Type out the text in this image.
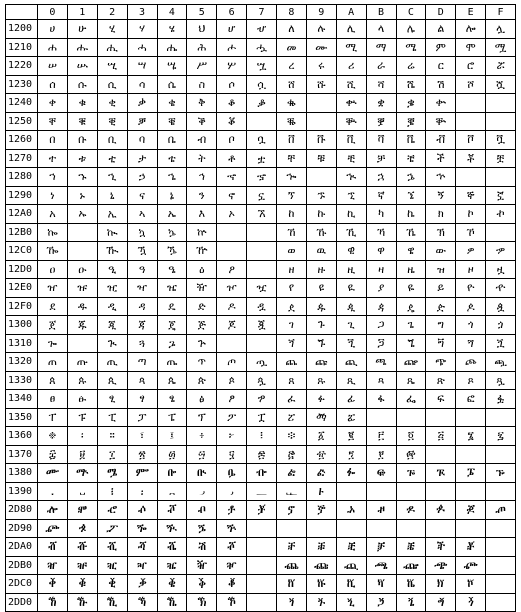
	0	1	2	3	4	5	6	7	8	9	A	B	C	D	E	F
1200	ሀ	ሁ	ሂ	ሃ	ሄ	ህ	ሆ	ሇ	ለ	ሉ	ሊ	ላ	ሌ	ል	ሎ	ሏ
1210	ሐ	ሑ	ሒ	ሓ	ሔ	ሕ	ሖ	ሗ	መ	ሙ	ሚ	ማ	ሜ	ም	ሞ	ሟ
1220	ሠ	ሡ	ሢ	ሣ	ሤ	ሥ	ሦ	ሧ	ረ	ሩ	ሪ	ራ	ሬ	ር	ሮ	ሯ
1230	ሰ	ሱ	ሲ	ሳ	ሴ	ስ	ሶ	ሷ	ሸ	ሹ	ሺ	ሻ	ሼ	ሽ	ሾ	ሿ
1240	ቀ	ቁ	ቂ	ቃ	ቄ	ቅ	ቆ	ቇ	ቈ		ቊ	ቋ	ቌ	ቍ		
1250	ቐ	ቑ	ቒ	ቓ	ቔ	ቕ	ቖ		ቘ		ቚ	ቛ	ቜ	ቝ		
1260	በ	ቡ	ቢ	ባ	ቤ	ብ	ቦ	ቧ	ቨ	ቩ	ቪ	ቫ	ቬ	ቭ	ቮ	ቯ
1270	ተ	ቱ	ቲ	ታ	ቴ	ት	ቶ	ቷ	ቸ	ቹ	ቺ	ቻ	ቼ	ች	ቾ	ቿ
1280	ኀ	ኁ	ኂ	ኃ	ኄ	ኅ	ኆ	ኇ	ኈ		ኊ	ኋ	ኌ	ኍ		
1290	ነ	ኑ	ኒ	ና	ኔ	ን	ኖ	ኗ	ኘ	ኙ	ኚ	ኛ	ኜ	ኝ	ኞ	ኟ
12A0	አ	ኡ	ኢ	ኣ	ኤ	እ	ኦ	ኧ	ከ	ኩ	ኪ	ካ	ኬ	ክ	ኮ	ኯ
12B0	ኰ		ኲ	ኳ	ኴ	ኵ			ኸ	ኹ	ኺ	ኻ	ኼ	ኽ	ኾ	
12C0	ዀ		ዂ	ዃ	ዄ	ዅ			ወ	ዉ	ዊ	ዋ	ዌ	ው	ዎ	ዏ
12D0	ዐ	ዑ	ዒ	ዓ	ዔ	ዕ	ዖ		ዘ	ዙ	ዚ	ዛ	ዜ	ዝ	ዞ	ዟ
12E0	ዠ	ዡ	ዢ	ዣ	ዤ	ዥ	ዦ	ዧ	የ	ዩ	ዪ	ያ	ዬ	ይ	ዮ	ዯ
12F0	ደ	ዱ	ዲ	ዳ	ዴ	ድ	ዶ	ዷ	ዸ	ዹ	ዺ	ዻ	ዼ	ዽ	ዾ	ዿ
1300	ጀ	ጁ	ጂ	ጃ	ጄ	ጅ	ጆ	ጇ	ገ	ጉ	ጊ	ጋ	ጌ	ግ	ጎ	ጏ
1310	ጐ		ጒ	ጓ	ጔ	ጕ			ጘ	ጙ	ጚ	ጛ	ጜ	ጝ	ጞ	ጟ
1320	ጠ	ጡ	ጢ	ጣ	ጤ	ጥ	ጦ	ጧ	ጨ	ጩ	ጪ	ጫ	ጬ	ጭ	ጮ	ጯ
1330	ጰ	ጱ	ጲ	ጳ	ጴ	ጵ	ጶ	ጷ	ጸ	ጹ	ጺ	ጻ	ጼ	ጽ	ጾ	ጿ
1340	ፀ	ፁ	ፂ	ፃ	ፄ	ፅ	ፆ	ፇ	ፈ	ፉ	ፊ	ፋ	ፌ	ፍ	ፎ	ፏ
1350	ፐ	ፑ	ፒ	ፓ	ፔ	ፕ	ፖ	ፗ	ፘ	ፙ	ፚ					
1360	፠	፡	።	፣	፤	፥	፦	፧	፨	፩	፪	፫	፬	፭	፮	፯
1370	፰	፱	፲	፳	፴	፵	፶	፷	፸	፹	፺	፻	፼			
1380	ᎀ	ᎁ	ᎂ	ᎃ	ᎄ	ᎅ	ᎆ	ᎇ	ᎈ	ᎉ	ᎊ	ᎋ	ᎌ	ᎍ	ᎎ	ᎏ
1390	᎐	᎑	᎒	᎓	᎔	᎕	᎖	᎗	᎘	᎙						
2D80	ⶀ	ⶁ	ⶂ	ⶃ	ⶄ	ⶅ	ⶆ	ⶇ	ⶈ	ⶉ	ⶊ	ⶋ	ⶌ	ⶍ	ⶎ	ⶏ
2D90	ⶐ	ⶑ	ⶒ	ⶓ	ⶔ	ⶕ	ⶖ									
2DA0	ⶠ	ⶡ	ⶢ	ⶣ	ⶤ	ⶥ	ⶦ		ⶨ	ⶩ	ⶪ	ⶫ	ⶬ	ⶭ	ⶮ	
2DB0	ⶰ	ⶱ	ⶲ	ⶳ	ⶴ	ⶵ	ⶶ		ⶸ	ⶹ	ⶺ	ⶻ	ⶼ	ⶽ	ⶾ	
2DC0	ⷀ	ⷁ	ⷂ	ⷃ	ⷄ	ⷅ	ⷆ		ⷈ	ⷉ	ⷊ	ⷋ	ⷌ	ⷍ	ⷎ	
2DD0	ⷐ	ⷑ	ⷒ	ⷓ	ⷔ	ⷕ	ⷖ		ⷘ	ⷙ	ⷚ	ⷛ	ⷜ	ⷝ	ⷞ	
